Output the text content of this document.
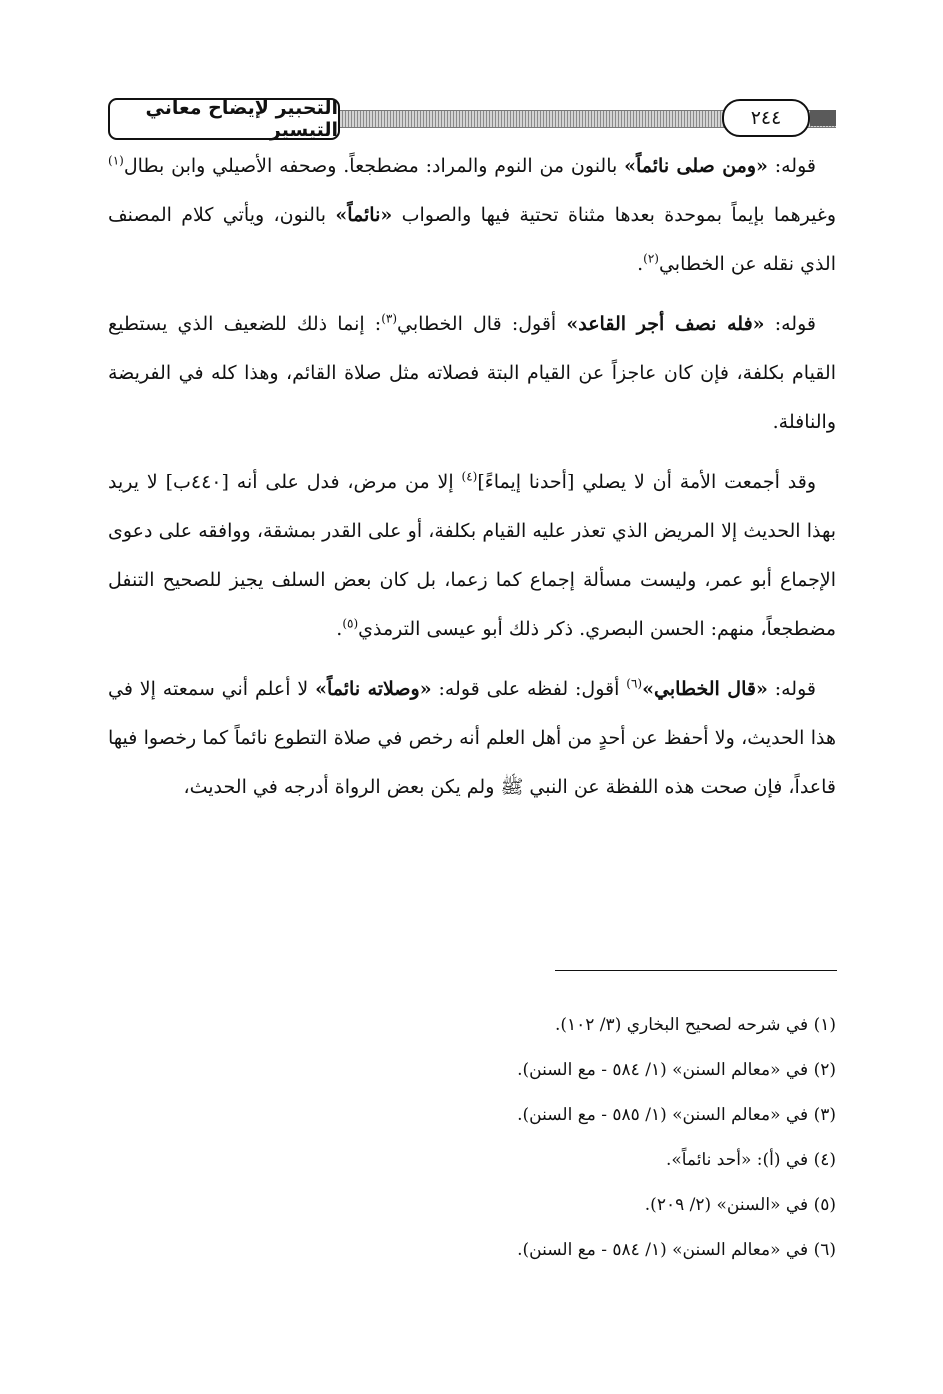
التحبير لإيضاح معاني التيسير
٢٤٤

قوله: «ومن صلى نائماً» بالنون من النوم والمراد: مضطجعاً. وصحفه الأصيلي وابن بطال$^{(١)}$ وغيرهما بإيماً بموحدة بعدها مثناة تحتية فيها والصواب «نائماً» بالنون، ويأتي كلام المصنف الذي نقله عن الخطابي$^{(٢)}$.

قوله: «فله نصف أجر القاعد» أقول: قال الخطابي$^{(٣)}$: إنما ذلك للضعيف الذي يستطيع القيام بكلفة، فإن كان عاجزاً عن القيام البتة فصلاته مثل صلاة القائم، وهذا كله في الفريضة والنافلة.

وقد أجمعت الأمة أن لا يصلي [أحدنا إيماءً]$^{(٤)}$ إلا من مرض، فدل على أنه [٤٤٠ب] لا يريد بهذا الحديث إلا المريض الذي تعذر عليه القيام بكلفة، أو على القدر بمشقة، ووافقه على دعوى الإجماع أبو عمر، وليست مسألة إجماع كما زعما، بل كان بعض السلف يجيز للصحيح التنفل مضطجعاً، منهم: الحسن البصري. ذكر ذلك أبو عيسى الترمذي$^{(٥)}$.

قوله: «قال الخطابي»$^{(٦)}$ أقول: لفظه على قوله: «وصلاته نائماً» لا أعلم أني سمعته إلا في هذا الحديث، ولا أحفظ عن أحدٍ من أهل العلم أنه رخص في صلاة التطوع نائماً كما رخصوا فيها قاعداً، فإن صحت هذه اللفظة عن النبي ﷺ ولم يكن بعض الرواة أدرجه في الحديث،

(١) في شرحه لصحيح البخاري (٣/ ١٠٢).
(٢) في «معالم السنن» (١/ ٥٨٤ - مع السنن).
(٣) في «معالم السنن» (١/ ٥٨٥ - مع السنن).
(٤) في (أ): «أحد نائماً».
(٥) في «السنن» (٢/ ٢٠٩).
(٦) في «معالم السنن» (١/ ٥٨٤ - مع السنن).
